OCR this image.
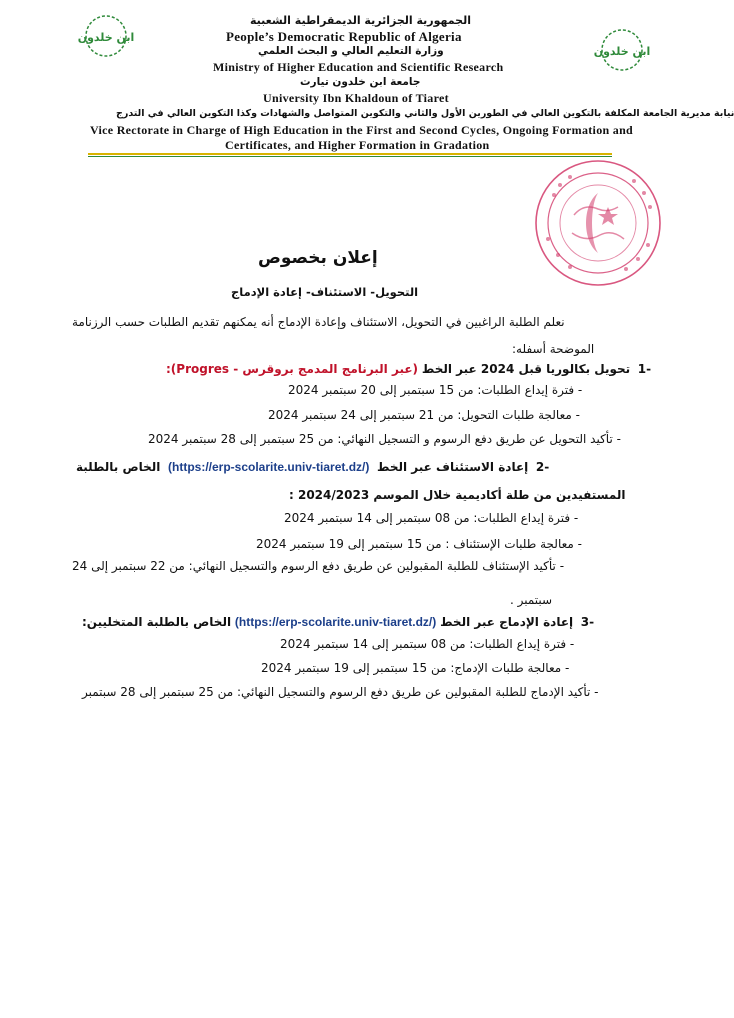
ابن خلدون
ابن خلدون
الجمهورية الجزائرية الديمقراطية الشعبية
People’s Democratic Republic of Algeria
وزارة التعليم العالي و البحث العلمي
Ministry of Higher Education and Scientific Research
جامعة ابن خلدون تيارت
University Ibn Khaldoun of Tiaret
نيابة مديرية الجامعة المكلفة بالتكوين العالي في الطورين الأول والثاني والتكوين المتواصل والشهادات وكذا التكوين العالي في التدرج
Vice Rectorate in Charge of High Education in the First and Second Cycles, Ongoing Formation and
Certificates, and Higher Formation in Gradation
إعلان بخصوص
التحويل- الاستئناف- إعادة الإدماج
نعلم الطلبة الراغبين في التحويل، الاستئناف وإعادة الإدماج أنه يمكنهم تقديم الطلبات حسب الرزنامة
الموضحة أسفله:
-1  تحويل بكالوريا قبل 2024 عبر الخط (عبر البرنامج المدمج بروقرس - Progres):
- فترة إيداع الطلبات: من 15 سبتمبر إلى 20 سبتمبر 2024
- معالجة طلبات التحويل: من 21 سبتمبر إلى 24 سبتمبر 2024
- تأكيد التحويل عن طريق دفع الرسوم و التسجيل النهائي: من 25 سبتمبر إلى 28 سبتمبر 2024
-2  إعادة الاستئناف عبر الخط  (https://erp-scolarite.univ-tiaret.dz/)  الخاص بالطلبة
المستفيدين من طلة أكاديمية خلال الموسم 2024/2023 :
- فترة إيداع الطلبات: من 08 سبتمبر إلى 14 سبتمبر 2024
- معالجة طلبات الإستئناف : من 15 سبتمبر إلى 19 سبتمبر 2024
- تأكيد الإستئناف للطلبة المقبولين عن طريق دفع الرسوم والتسجيل النهائي: من 22 سبتمبر إلى 24
سبتمبر .
-3  إعادة الإدماج عبر الخط (https://erp-scolarite.univ-tiaret.dz/) الخاص بالطلبة المتخليين:
- فترة إيداع الطلبات: من 08 سبتمبر إلى 14 سبتمبر 2024
- معالجة طلبات الإدماج: من 15 سبتمبر إلى 19 سبتمبر 2024
- تأكيد الإدماج للطلبة المقبولين عن طريق دفع الرسوم والتسجيل النهائي: من 25 سبتمبر إلى 28 سبتمبر
